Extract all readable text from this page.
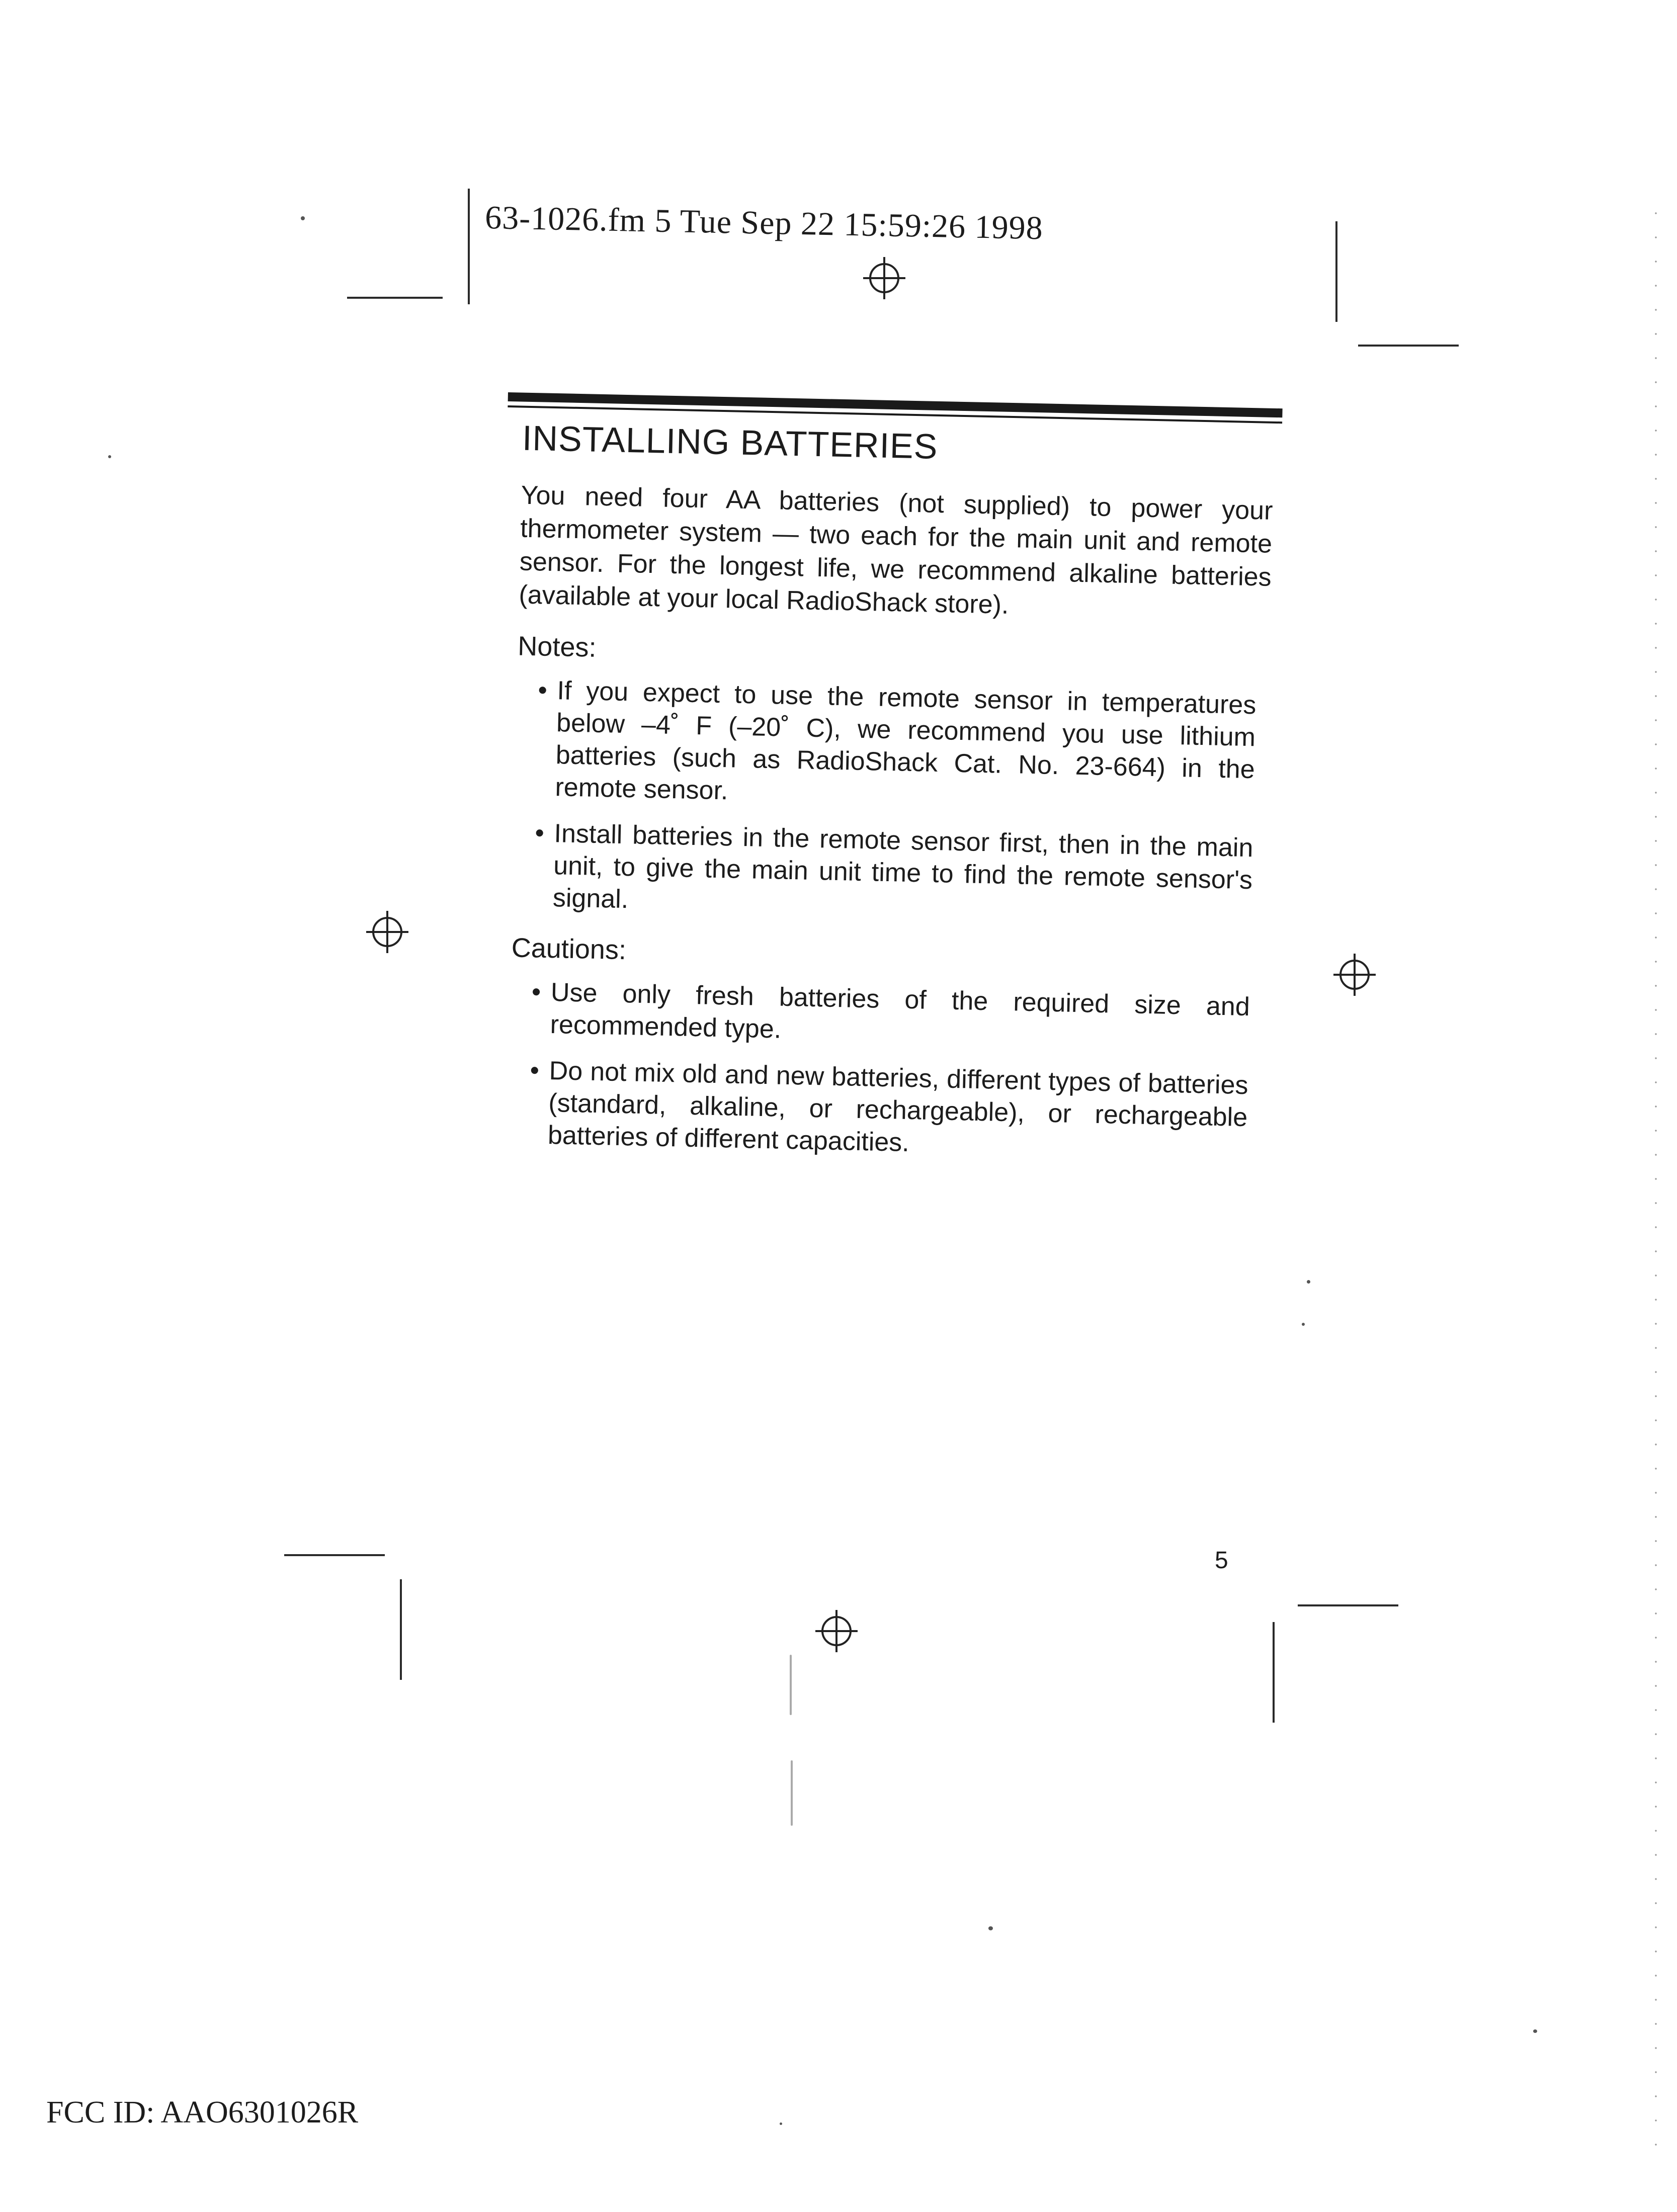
63-1026.fm 5 Tue Sep 22 15:59:26 1998
INSTALLING BATTERIES

You need four AA batteries (not supplied) to power your thermometer system — two each for the main unit and remote sensor. For the longest life, we recommend alkaline batteries (available at your local RadioShack store).

Notes:
• If you expect to use the remote sensor in temperatures below –4˚ F (–20˚ C), we recommend you use lithium batteries (such as RadioShack Cat. No. 23-664) in the remote sensor.
• Install batteries in the remote sensor first, then in the main unit, to give the main unit time to find the remote sensor's signal.
Cautions:
• Use only fresh batteries of the required size and recommended type.
• Do not mix old and new batteries, different types of batteries (standard, alkaline, or rechargeable), or rechargeable batteries of different capacities.
5
FCC ID: AAO6301026R
